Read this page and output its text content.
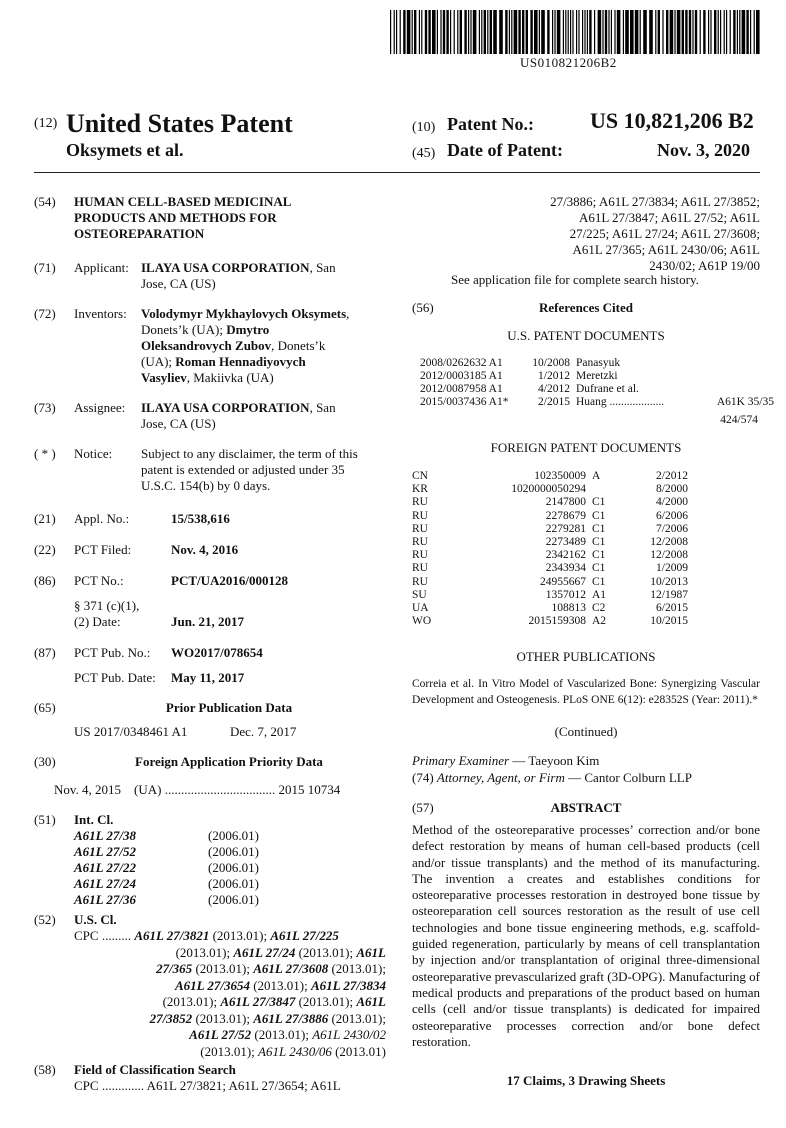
US010821206B2
(12) United States Patent
Oksymets et al.
(10) Patent No.:	US 10,821,206 B2
(45) Date of Patent:	Nov. 3, 2020
(54) HUMAN CELL-BASED MEDICINAL
PRODUCTS AND METHODS FOR
OSTEOREPARATION
(71) Applicant: ILAYA USA CORPORATION, San
Jose, CA (US)
(72) Inventors: Volodymyr Mykhaylovych Oksymets,
Donets’k (UA); Dmytro
Oleksandrovych Zubov, Donets’k
(UA); Roman Hennadiyovych
Vasyliev, Makiivka (UA)
(73) Assignee: ILAYA USA CORPORATION, San
Jose, CA (US)
( * ) Notice: Subject to any disclaimer, the term of this
patent is extended or adjusted under 35
U.S.C. 154(b) by 0 days.
(21) Appl. No.:	15/538,616
(22) PCT Filed:	Nov. 4, 2016
(86) PCT No.:	PCT/UA2016/000128
§ 371 (c)(1),
(2) Date:	Jun. 21, 2017
(87) PCT Pub. No.: WO2017/078654
PCT Pub. Date: May 11, 2017
(65)	Prior Publication Data
US 2017/0348461 A1	Dec. 7, 2017
(30)	Foreign Application Priority Data
Nov. 4, 2015    (UA) .................................. 2015 10734
(51) Int. Cl.
A61L 27/38	(2006.01)
A61L 27/52	(2006.01)
A61L 27/22	(2006.01)
A61L 27/24	(2006.01)
A61L 27/36	(2006.01)
(52) U.S. Cl.
CPC ......... A61L 27/3821 (2013.01); A61L 27/225
(2013.01); A61L 27/24 (2013.01); A61L
27/365 (2013.01); A61L 27/3608 (2013.01);
A61L 27/3654 (2013.01); A61L 27/3834
(2013.01); A61L 27/3847 (2013.01); A61L
27/3852 (2013.01); A61L 27/3886 (2013.01);
A61L 27/52 (2013.01); A61L 2430/02
(2013.01); A61L 2430/06 (2013.01)
(58) Field of Classification Search
CPC ............. A61L 27/3821; A61L 27/3654; A61L
27/3886; A61L 27/3834; A61L 27/3852;
A61L 27/3847; A61L 27/52; A61L
27/225; A61L 27/24; A61L 27/3608;
A61L 27/365; A61L 2430/06; A61L
2430/02; A61P 19/00
See application file for complete search history.
(56)	References Cited
U.S. PATENT DOCUMENTS
2008/0262632 A1	10/2008	Panasyuk	
2012/0003185 A1	1/2012	Meretzki	
2012/0087958 A1	4/2012	Dufrane et al.	
2015/0037436 A1*	2/2015	Huang ...................	A61K 35/35
424/574
FOREIGN PATENT DOCUMENTS
CN	102350009	A	2/2012
KR	1020000050294		8/2000
RU	2147800	C1	4/2000
RU	2278679	C1	6/2006
RU	2279281	C1	7/2006
RU	2273489	C1	12/2008
RU	2342162	C1	12/2008
RU	2343934	C1	1/2009
RU	24955667	C1	10/2013
SU	1357012	A1	12/1987
UA	108813	C2	6/2015
WO	2015159308	A2	10/2015
OTHER PUBLICATIONS
Correia et al. In Vitro Model of Vascularized Bone: Synergizing Vascular Development and Osteogenesis. PLoS ONE 6(12): e28352S (Year: 2011).*
(Continued)
Primary Examiner — Taeyoon Kim
(74) Attorney, Agent, or Firm — Cantor Colburn LLP
(57)	ABSTRACT
Method of the osteoreparative processes’ correction and/or bone defect restoration by means of human cell-based products (cell and/or tissue transplants) and the method of its manufacturing. The invention a creates and establishes conditions for osteoreparative processes restoration in destroyed bone tissue by osteoreparation cell sources restoration as the result of use cell technologies and bone tissue engineering methods, e.g. scaffold-guided regeneration, particularly by means of cell transplantation by injection and/or transplantation of original three-dimensional osteoreparative prevascularized graft (3D-OPG). Manufacturing of medical products and preparations of the product based on human cells (cell and/or tissue transplants) is dedicated for impaired osteoreparative processes correction and/or bone defect restoration.
17 Claims, 3 Drawing Sheets
